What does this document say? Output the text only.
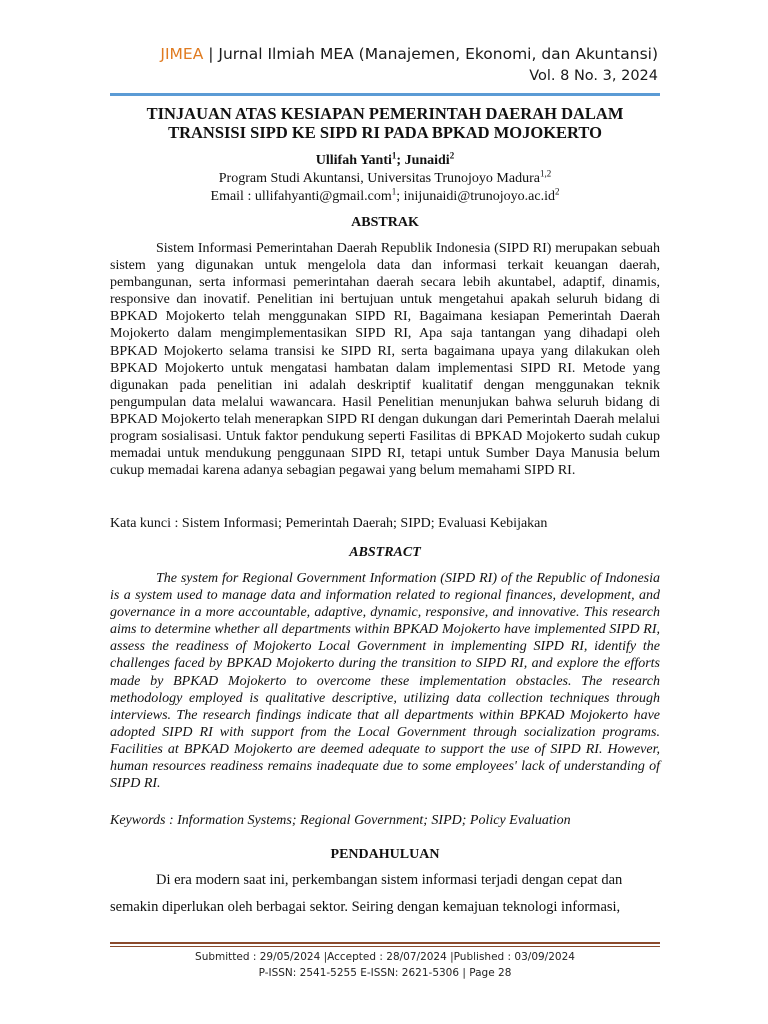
JIMEA | Jurnal Ilmiah MEA (Manajemen, Ekonomi, dan Akuntansi)
Vol. 8 No. 3, 2024
TINJAUAN ATAS KESIAPAN PEMERINTAH DAERAH DALAM
TRANSISI SIPD KE SIPD RI PADA BPKAD MOJOKERTO
Ullifah Yanti$^1$; Junaidi$^2$
Program Studi Akuntansi, Universitas Trunojoyo Madura$^{1,2}$
Email : ullifahyanti@gmail.com$^1$; $inijunaidi@trunojoyo.ac.id^2$
ABSTRAK

Sistem Informasi Pemerintahan Daerah Republik Indonesia (SIPD RI) merupakan sebuah sistem yang digunakan untuk mengelola data dan informasi terkait keuangan daerah, pembangunan, serta informasi pemerintahan daerah secara lebih akuntabel, adaptif, dinamis, responsive dan inovatif. Penelitian ini bertujuan untuk mengetahui apakah seluruh bidang di BPKAD Mojokerto telah menggunakan SIPD RI, Bagaimana kesiapan Pemerintah Daerah Mojokerto dalam mengimplementasikan SIPD RI, Apa saja tantangan yang dihadapi oleh BPKAD Mojokerto selama transisi ke SIPD RI, serta bagaimana upaya yang dilakukan oleh BPKAD Mojokerto untuk mengatasi hambatan dalam implementasi SIPD RI. Metode yang digunakan pada penelitian ini adalah deskriptif kualitatif dengan menggunakan teknik pengumpulan data melalui wawancara. Hasil Penelitian menunjukan bahwa seluruh bidang di BPKAD Mojokerto telah menerapkan SIPD RI dengan dukungan dari Pemerintah Daerah melalui program sosialisasi. Untuk faktor pendukung seperti Fasilitas di BPKAD Mojokerto sudah cukup memadai untuk mendukung penggunaan SIPD RI, tetapi untuk Sumber Daya Manusia belum cukup memadai karena adanya sebagian pegawai yang belum memahami SIPD RI.

Kata kunci : Sistem Informasi; Pemerintah Daerah; SIPD; Evaluasi Kebijakan

ABSTRACT

The system for Regional Government Information (SIPD RI) of the Republic of Indonesia is a system used to manage data and information related to regional finances, development, and governance in a more accountable, adaptive, dynamic, responsive, and innovative. This research aims to determine whether all departments within BPKAD Mojokerto have implemented SIPD RI, assess the readiness of Mojokerto Local Government in implementing SIPD RI, identify the challenges faced by BPKAD Mojokerto during the transition to SIPD RI, and explore the efforts made by BPKAD Mojokerto to overcome these implementation obstacles. The research methodology employed is qualitative descriptive, utilizing data collection techniques through interviews. The research findings indicate that all departments within BPKAD Mojokerto have adopted SIPD RI with support from the Local Government through socialization programs. Facilities at BPKAD Mojokerto are deemed adequate to support the use of SIPD RI. However, human resources readiness remains inadequate due to some employees' lack of understanding of SIPD RI.

Keywords : Information Systems; Regional Government; SIPD; Policy Evaluation

PENDAHULUAN
Di era modern saat ini, perkembangan sistem informasi terjadi dengan cepat dan
semakin diperlukan oleh berbagai sektor. Seiring dengan kemajuan teknologi informasi,
Submitted : 29/05/2024 |Accepted : 28/07/2024 |Published : 03/09/2024
P-ISSN: 2541-5255 E-ISSN: 2621-5306 | Page 28
